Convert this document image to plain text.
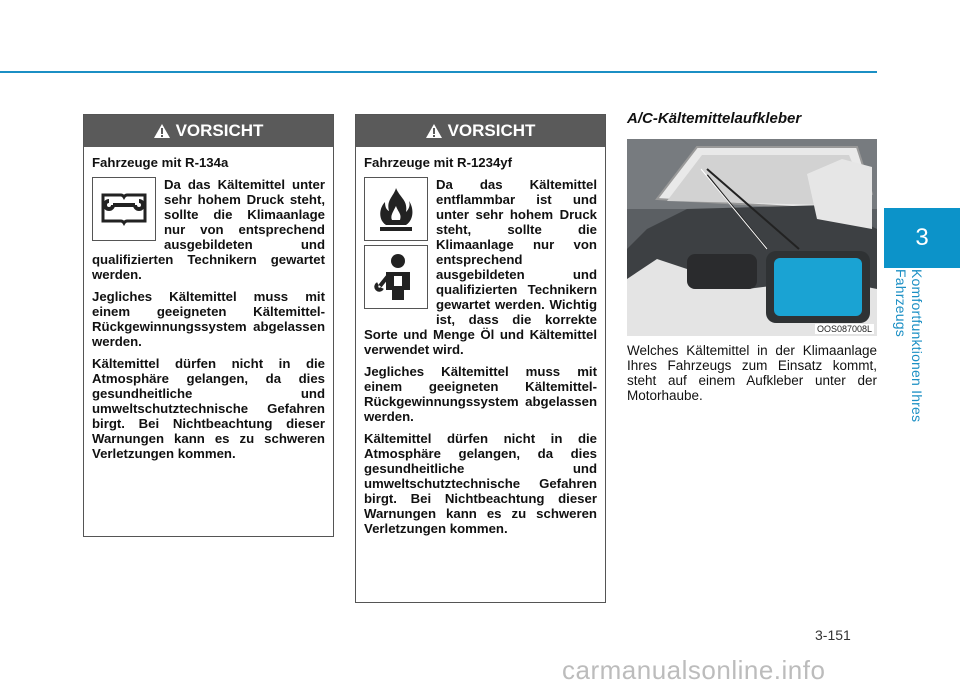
VORSICHT

Fahrzeuge mit R-134a

Da das Kältemittel unter sehr hohem Druck steht, sollte die Klimaanlage nur von entsprechend ausgebildeten und qualifizierten Technikern gewartet werden.

Jegliches Kältemittel muss mit einem geeigneten Kältemittel-Rückgewinnungssystem abgelassen werden.

Kältemittel dürfen nicht in die Atmosphäre gelangen, da dies gesundheitliche und umweltschutztechnische Gefahren birgt. Bei Nichtbeachtung dieser Warnungen kann es zu schweren Verletzungen kommen.

VORSICHT

Fahrzeuge mit R-1234yf

Da das Kältemittel entflammbar ist und unter sehr hohem Druck steht, sollte die Klimaanlage nur von entsprechend ausgebildeten und qualifizierten Technikern gewartet werden. Wichtig ist, dass die korrekte Sorte und Menge Öl und Kältemittel verwendet wird.

Jegliches Kältemittel muss mit einem geeigneten Kältemittel-Rückgewinnungssystem abgelassen werden.

Kältemittel dürfen nicht in die Atmosphäre gelangen, da dies gesundheitliche und umweltschutztechnische Gefahren birgt. Bei Nichtbeachtung dieser Warnungen kann es zu schweren Verletzungen kommen.

A/C-Kältemittelaufkleber
OOS087008L
Welches Kältemittel in der Klimaanlage Ihres Fahrzeugs zum Einsatz kommt, steht auf einem Aufkleber unter der Motorhaube.
3
Komfortfunktionen Ihres Fahrzeugs
3-151
carmanualsonline.info
